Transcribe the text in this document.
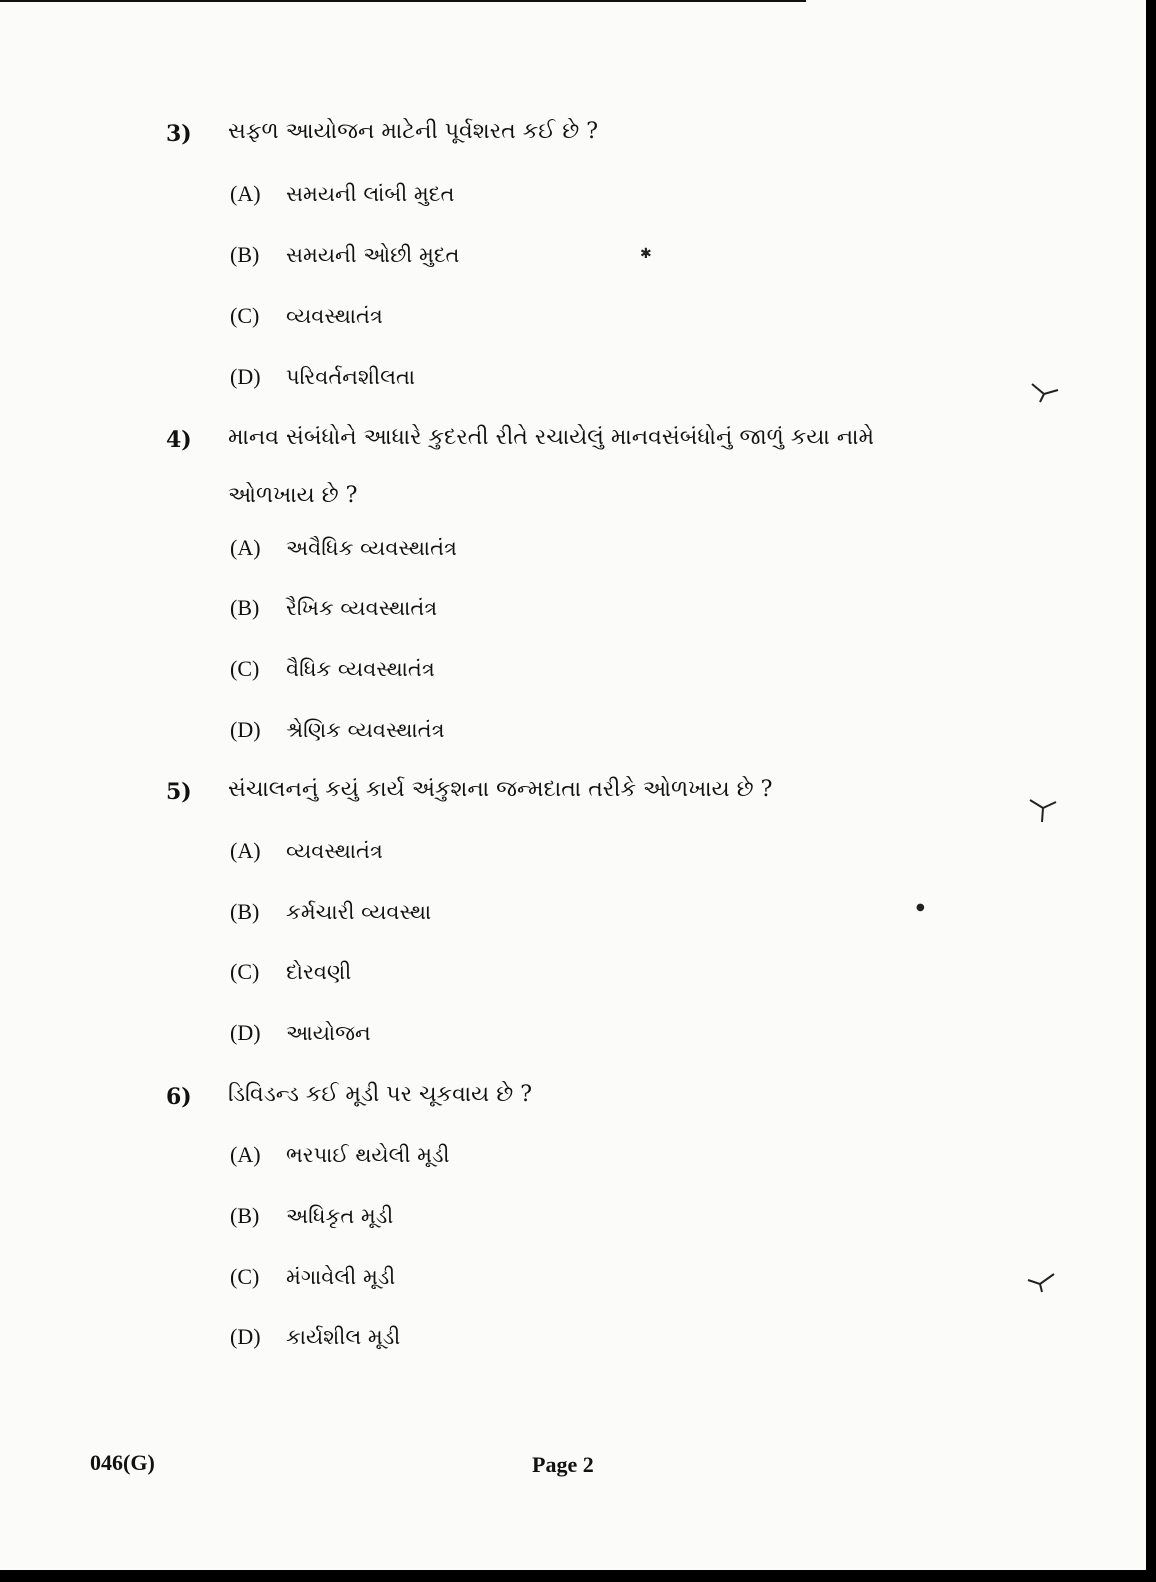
3) સફળ આયોજન માટેની પૂર્વશરત કઈ છે ?
(A) સમયની લાંબી મુદત
(B) સમયની ઓછી મુદત
(C) વ્યવસ્થાતંત્ર
(D) પરિવર્તનશીલતા
4) માનવ સંબંધોને આધારે કુદરતી રીતે રચાયેલું માનવસંબંધોનું જાળું કયા નામે
ઓળખાય છે ?
(A) અવૈધિક વ્યવસ્થાતંત્ર
(B) રૈખિક વ્યવસ્થાતંત્ર
(C) વૈધિક વ્યવસ્થાતંત્ર
(D) શ્રેણિક વ્યવસ્થાતંત્ર
5) સંચાલનનું કયું કાર્ય અંકુશના જન્મદાતા તરીકે ઓળખાય છે ?
(A) વ્યવસ્થાતંત્ર
(B) કર્મચારી વ્યવસ્થા
(C) દોરવણી
(D) આયોજન
6) ડિવિડન્ડ કઈ મૂડી પર ચૂકવાય છે ?
(A) ભરપાઈ થયેલી મૂડી
(B) અધિકૃત મૂડી
(C) મંગાવેલી મૂડી
(D) કાર્યશીલ મૂડી
✱
●
046(G)	Page 2
